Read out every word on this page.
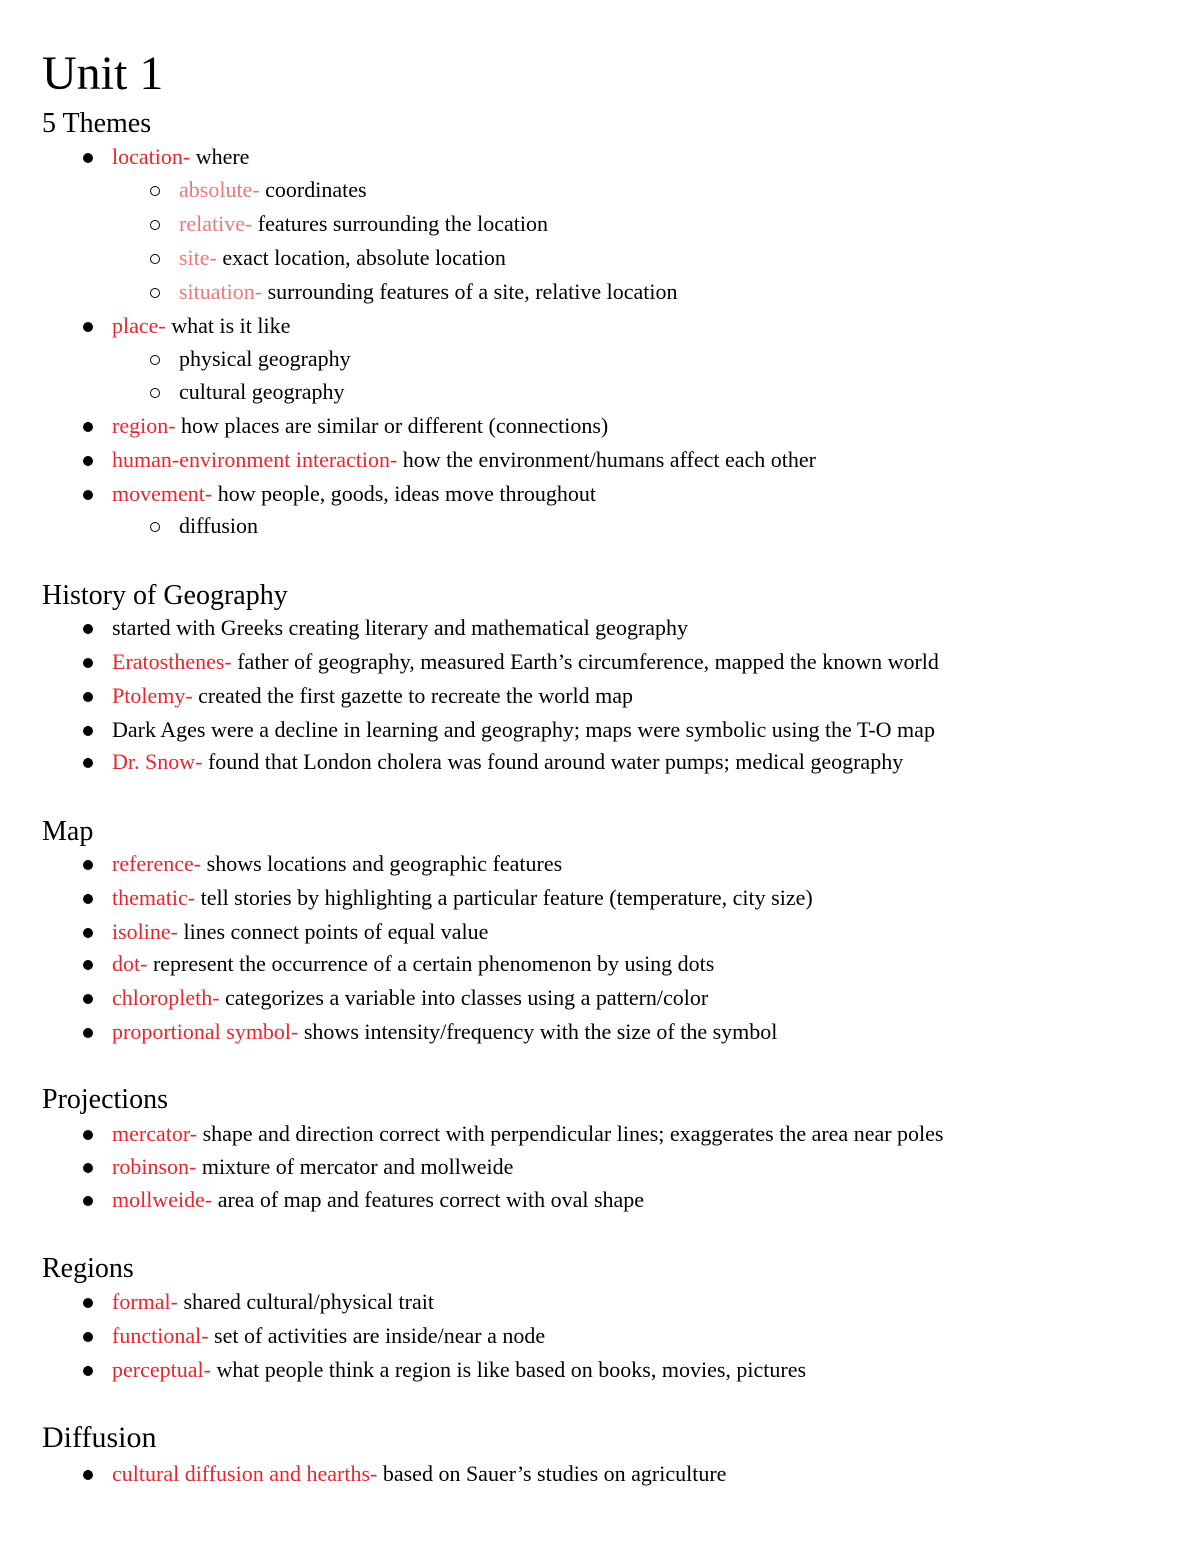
Unit 1
5 Themes
location- where
absolute- coordinates
relative- features surrounding the location
site- exact location, absolute location
situation- surrounding features of a site, relative location
place- what is it like
physical geography
cultural geography
region- how places are similar or different (connections)
human-environment interaction- how the environment/humans affect each other
movement- how people, goods, ideas move throughout
diffusion
History of Geography
started with Greeks creating literary and mathematical geography
Eratosthenes- father of geography, measured Earth’s circumference, mapped the known world
Ptolemy- created the first gazette to recreate the world map
Dark Ages were a decline in learning and geography; maps were symbolic using the T-O map
Dr. Snow- found that London cholera was found around water pumps; medical geography
Map
reference- shows locations and geographic features
thematic- tell stories by highlighting a particular feature (temperature, city size)
isoline- lines connect points of equal value
dot- represent the occurrence of a certain phenomenon by using dots
chloropleth- categorizes a variable into classes using a pattern/color
proportional symbol- shows intensity/frequency with the size of the symbol
Projections
mercator- shape and direction correct with perpendicular lines; exaggerates the area near poles
robinson- mixture of mercator and mollweide
mollweide- area of map and features correct with oval shape
Regions
formal- shared cultural/physical trait
functional- set of activities are inside/near a node
perceptual- what people think a region is like based on books, movies, pictures
Diffusion
cultural diffusion and hearths- based on Sauer’s studies on agriculture
